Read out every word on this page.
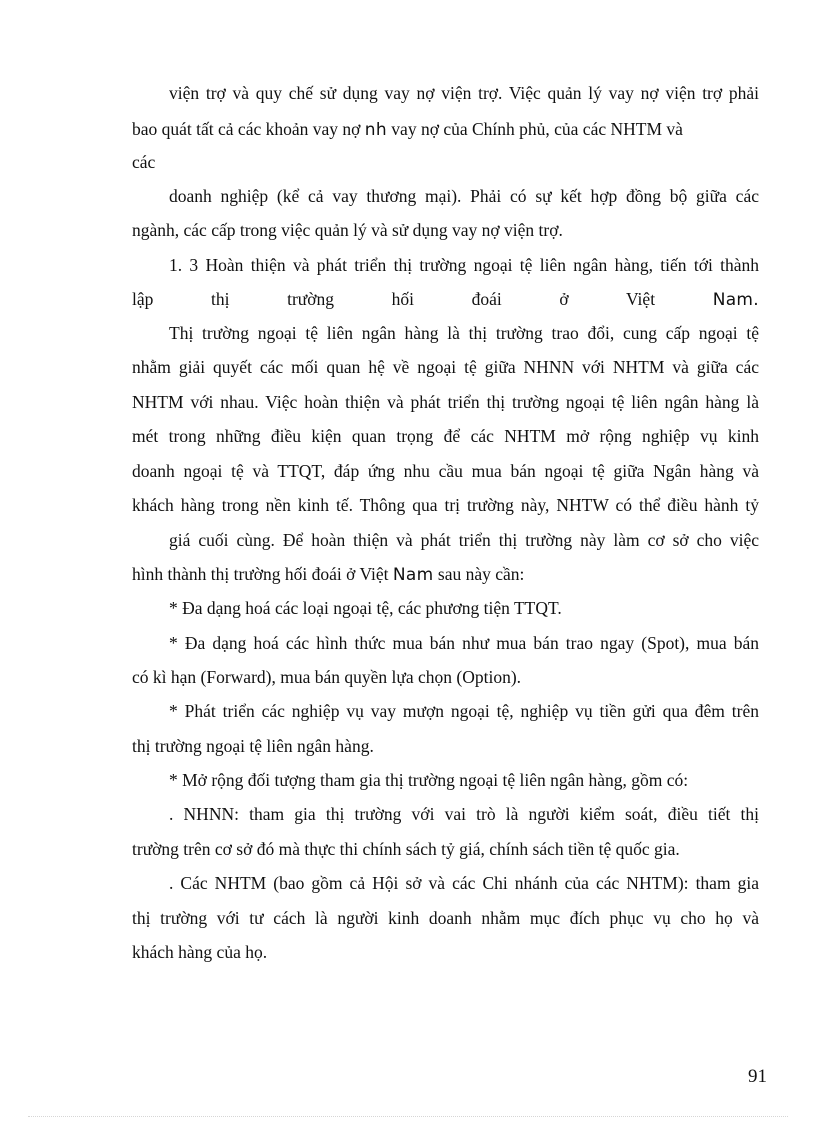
viện trợ và quy chế sử dụng vay nợ viện trợ. Việc quản lý vay nợ viện trợ phải
bao quát tất cả các khoản vay nợ nh vay nợ của Chính phủ, của các NHTM và
các
doanh nghiệp (kể cả vay thương mại). Phải có sự kết hợp đồng bộ giữa các
ngành, các cấp trong việc quản lý và sử dụng vay nợ viện trợ.
1. 3 Hoàn thiện và phát triển thị trường ngoại tệ liên ngân hàng, tiến tới thành
lập thị trường hối đoái ở Việt Nam.
Thị trường ngoại tệ liên ngân hàng là thị trường trao đổi, cung cấp ngoại tệ
nhằm giải quyết các mối quan hệ về ngoại tệ giữa NHNN với NHTM và giữa các
NHTM với nhau. Việc hoàn thiện và phát triển thị trường ngoại tệ liên ngân hàng là
mét trong những điều kiện quan trọng để các NHTM mở rộng nghiệp vụ kinh
doanh ngoại tệ và TTQT, đáp ứng nhu cầu mua bán ngoại tệ giữa Ngân hàng và
khách hàng trong nền kinh tế. Thông qua trị trường này, NHTW có thể điều hành tỷ
giá cuối cùng. Để hoàn thiện và phát triển thị trường này làm cơ sở cho việc
hình thành thị trường hối đoái ở Việt Nam sau này cần:
* Đa dạng hoá các loại ngoại tệ, các phương tiện TTQT.
* Đa dạng hoá các hình thức mua bán như mua bán trao ngay (Spot), mua bán
có kì hạn (Forward), mua bán quyền lựa chọn (Option).
* Phát triển các nghiệp vụ vay mượn ngoại tệ, nghiệp vụ tiền gửi qua đêm trên
thị trường ngoại tệ liên ngân hàng.
* Mở rộng đối tượng tham gia thị trường ngoại tệ liên ngân hàng, gồm có:
. NHNN: tham gia thị trường với vai trò là người kiểm soát, điều tiết thị
trường trên cơ sở đó mà thực thi chính sách tỷ giá, chính sách tiền tệ quốc gia.
. Các NHTM (bao gồm cả Hội sở và các Chi nhánh của các NHTM): tham gia
thị trường với tư cách là người kinh doanh nhằm mục đích phục vụ cho họ và
khách hàng của họ.
91
